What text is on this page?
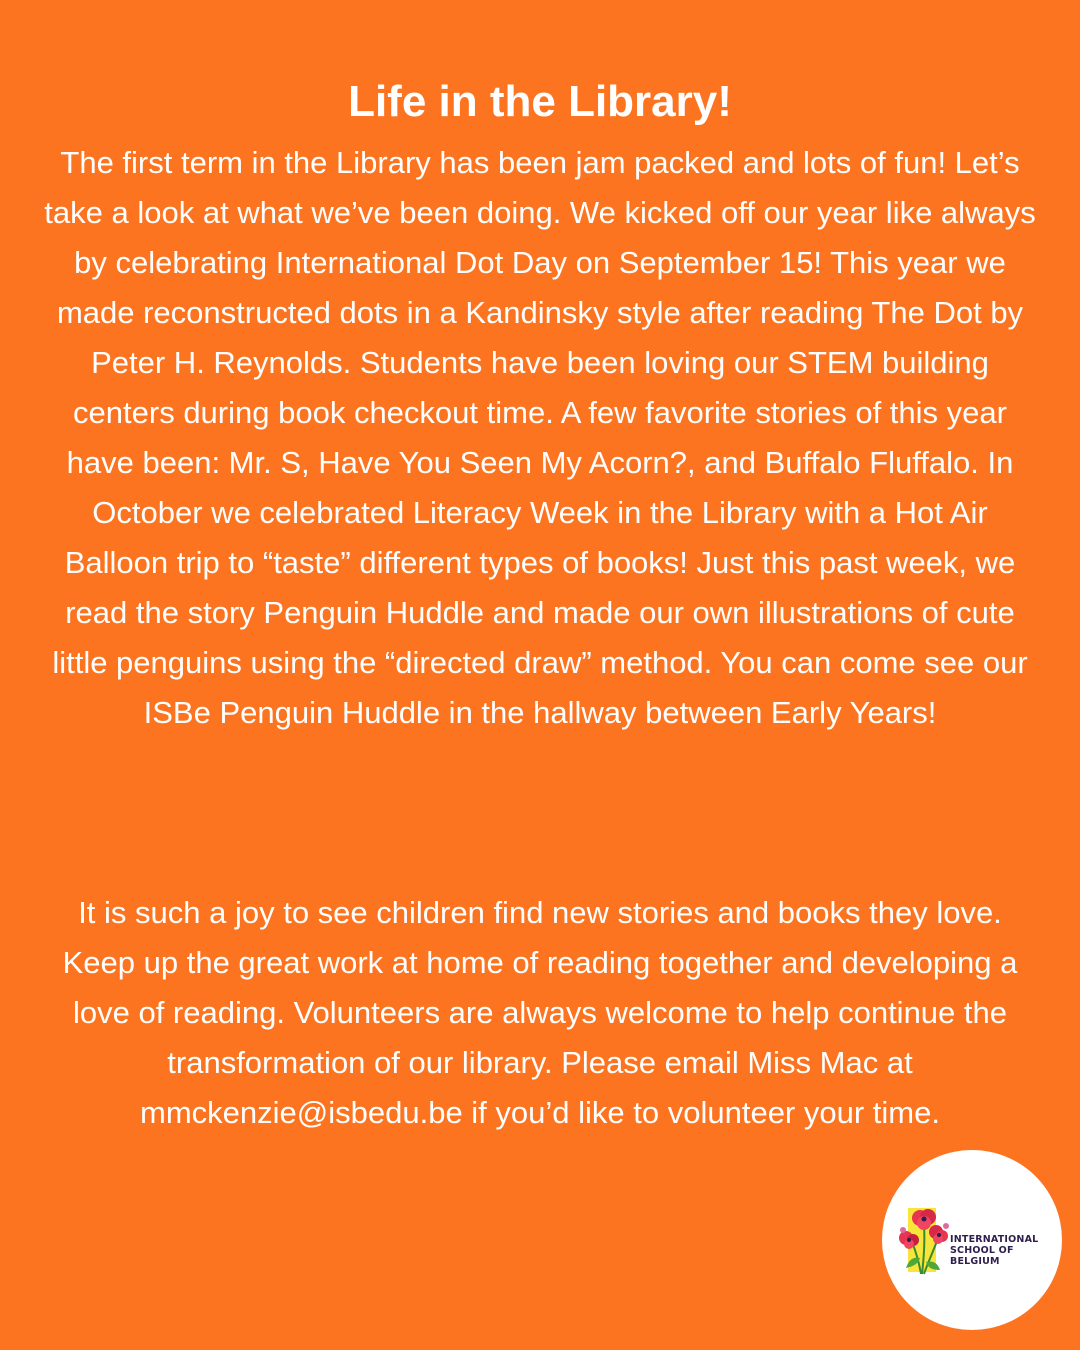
Life in the Library!

The first term in the Library has been jam packed and lots of fun! Let’s take a look at what we’ve been doing. We kicked off our year like always by celebrating International Dot Day on September 15! This year we made reconstructed dots in a Kandinsky style after reading The Dot by Peter H. Reynolds. Students have been loving our STEM building centers during book checkout time. A few favorite stories of this year have been: Mr. S, Have You Seen My Acorn?, and Buffalo Fluffalo. In October we celebrated Literacy Week in the Library with a Hot Air Balloon trip to “taste” different types of books! Just this past week, we read the story Penguin Huddle and made our own illustrations of cute little penguins using the “directed draw” method. You can come see our ISBe Penguin Huddle in the hallway between Early Years!

It is such a joy to see children find new stories and books they love. Keep up the great work at home of reading together and developing a love of reading. Volunteers are always welcome to help continue the transformation of our library. Please email Miss Mac at mmckenzie@isbedu.be if you’d like to volunteer your time.

INTERNATIONAL
SCHOOL OF
BELGIUM
